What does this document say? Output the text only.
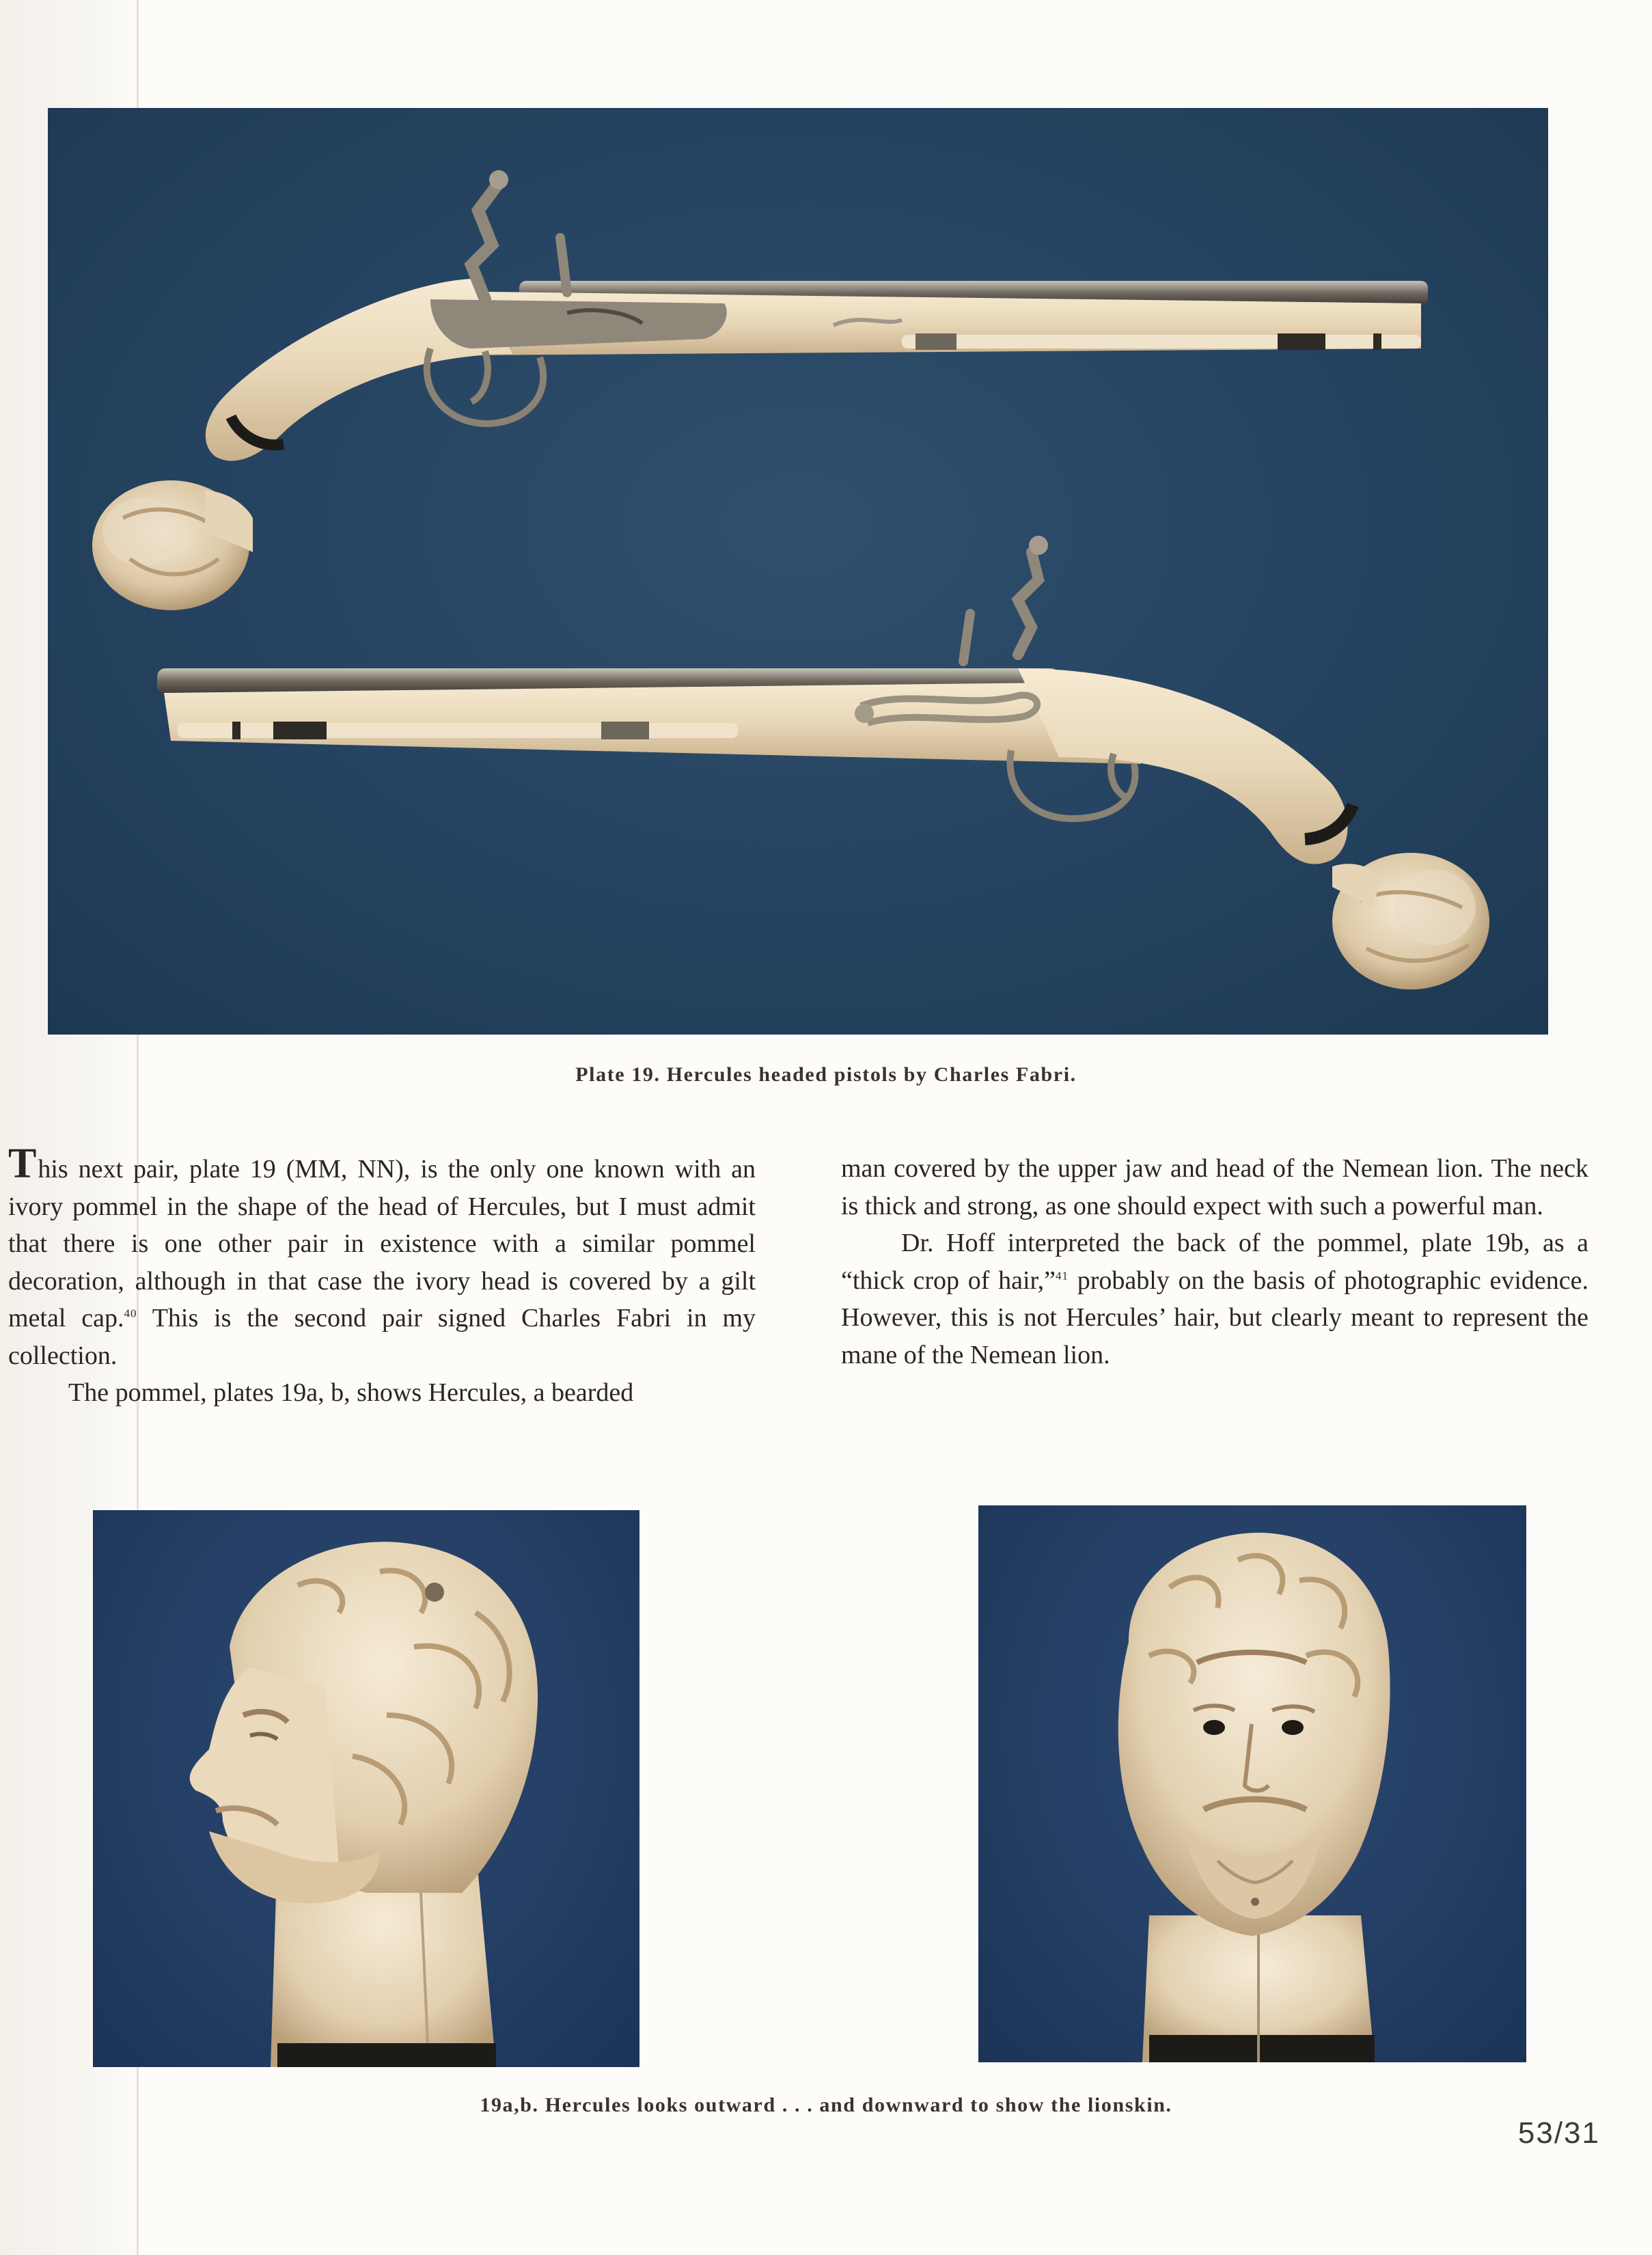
Plate 19. Hercules headed pistols by Charles Fabri.

This next pair, plate 19 (MM, NN), is the only one known with an ivory pommel in the shape of the head of Hercules, but I must admit that there is one other pair in existence with a similar pommel decoration, although in that case the ivory head is covered by a gilt metal cap.$^{40}$ This is the second pair signed Charles Fabri in my collection.

The pommel, plates 19a, b, shows Hercules, a bearded

man covered by the upper jaw and head of the Nemean lion. The neck is thick and strong, as one should expect with such a powerful man.

Dr. Hoff interpreted the back of the pommel, plate 19b, as a “thick crop of hair,”$^{41}$ probably on the basis of photographic evidence. However, this is not Hercules’ hair, but clearly meant to represent the mane of the Nemean lion.

19a,b. Hercules looks outward . . . and downward to show the lionskin.
53/31
